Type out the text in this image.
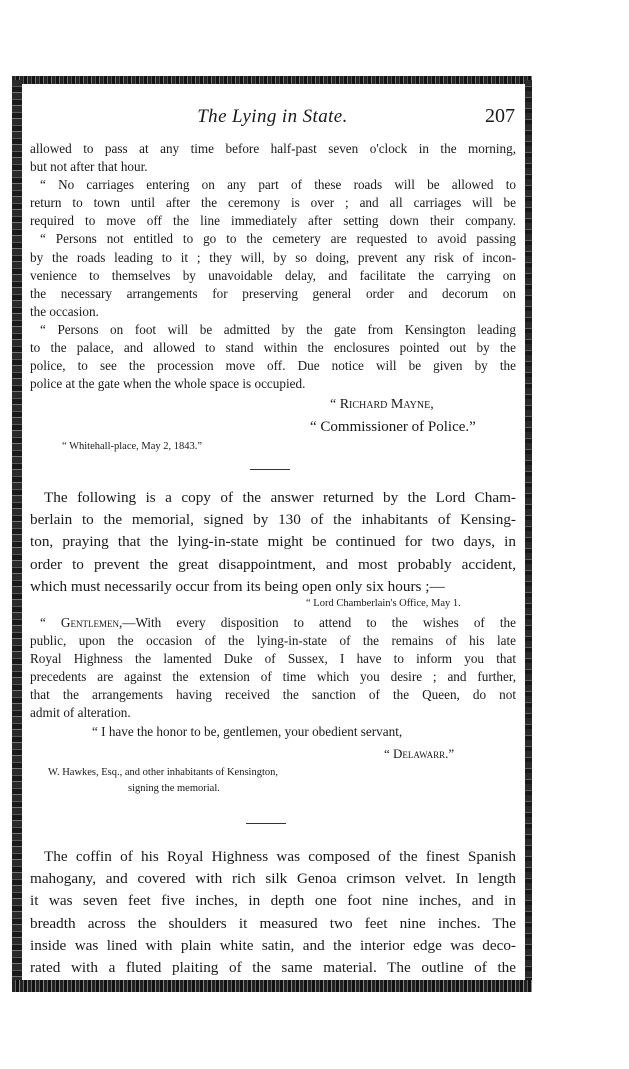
The Lying in State.	207

allowed to pass at any time before half-past seven o'clock in the morning,

but not after that hour.

“ No carriages entering on any part of these roads will be allowed to

return to town until after the ceremony is over ; and all carriages will be

required to move off the line immediately after setting down their company.

“ Persons not entitled to go to the cemetery are requested to avoid passing

by the roads leading to it ; they will, by so doing, prevent any risk of incon-

venience to themselves by unavoidable delay, and facilitate the carrying on

the necessary arrangements for preserving general order and decorum on

the occasion.

“ Persons on foot will be admitted by the gate from Kensington leading

to the palace, and allowed to stand within the enclosures pointed out by the

police, to see the procession move off. Due notice will be given by the

police at the gate when the whole space is occupied.

“ Richard Mayne,
“ Commissioner of Police.”
“ Whitehall-place, May 2, 1843.”

The following is a copy of the answer returned by the Lord Cham-

berlain to the memorial, signed by 130 of the inhabitants of Kensing-

ton, praying that the lying-in-state might be continued for two days, in

order to prevent the great disappointment, and most probably accident,

which must necessarily occur from its being open only six hours ;—

“ Lord Chamberlain's Office, May 1.

“ Gentlemen,—With every disposition to attend to the wishes of the

public, upon the occasion of the lying-in-state of the remains of his late

Royal Highness the lamented Duke of Sussex, I have to inform you that

precedents are against the extension of time which you desire ; and further,

that the arrangements having received the sanction of the Queen, do not

admit of alteration.

“ I have the honor to be, gentlemen, your obedient servant,
“ Delawarr.”
W. Hawkes, Esq., and other inhabitants of Kensington,
signing the memorial.

The coffin of his Royal Highness was composed of the finest Spanish

mahogany, and covered with rich silk Genoa crimson velvet. In length

it was seven feet five inches, in depth one foot nine inches, and in

breadth across the shoulders it measured two feet nine inches. The

inside was lined with plain white satin, and the interior edge was deco-

rated with a fluted plaiting of the same material. The outline of the
